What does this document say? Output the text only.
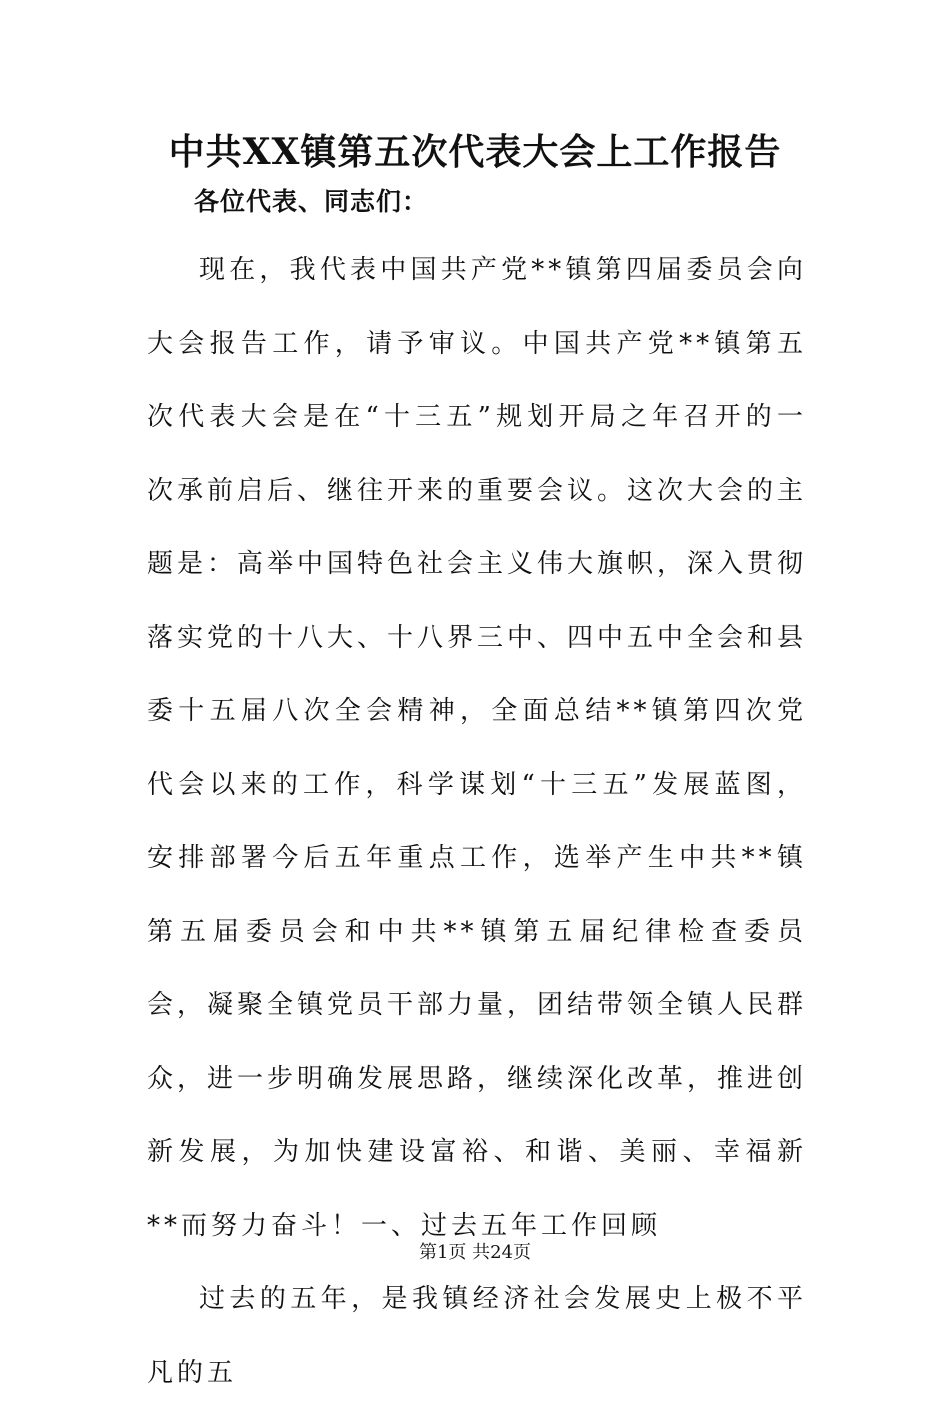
中共XX镇第五次代表大会上工作报告
各位代表、同志们：

现在，我代表中国共产党**镇第四届委员会向大会报告工作，请予审议。中国共产党**镇第五次代表大会是在“十三五”规划开局之年召开的一次承前启后、继往开来的重要会议。这次大会的主题是：高举中国特色社会主义伟大旗帜，深入贯彻落实党的十八大、十八界三中、四中五中全会和县委十五届八次全会精神，全面总结**镇第四次党代会以来的工作，科学谋划“十三五”发展蓝图，安排部署今后五年重点工作，选举产生中共**镇第五届委员会和中共**镇第五届纪律检查委员会，凝聚全镇党员干部力量，团结带领全镇人民群众，进一步明确发展思路，继续深化改革，推进创新发展，为加快建设富裕、和谐、美丽、幸福新**而努力奋斗！一、过去五年工作回顾

过去的五年，是我镇经济社会发展史上极不平凡的五

第1页 共24页
